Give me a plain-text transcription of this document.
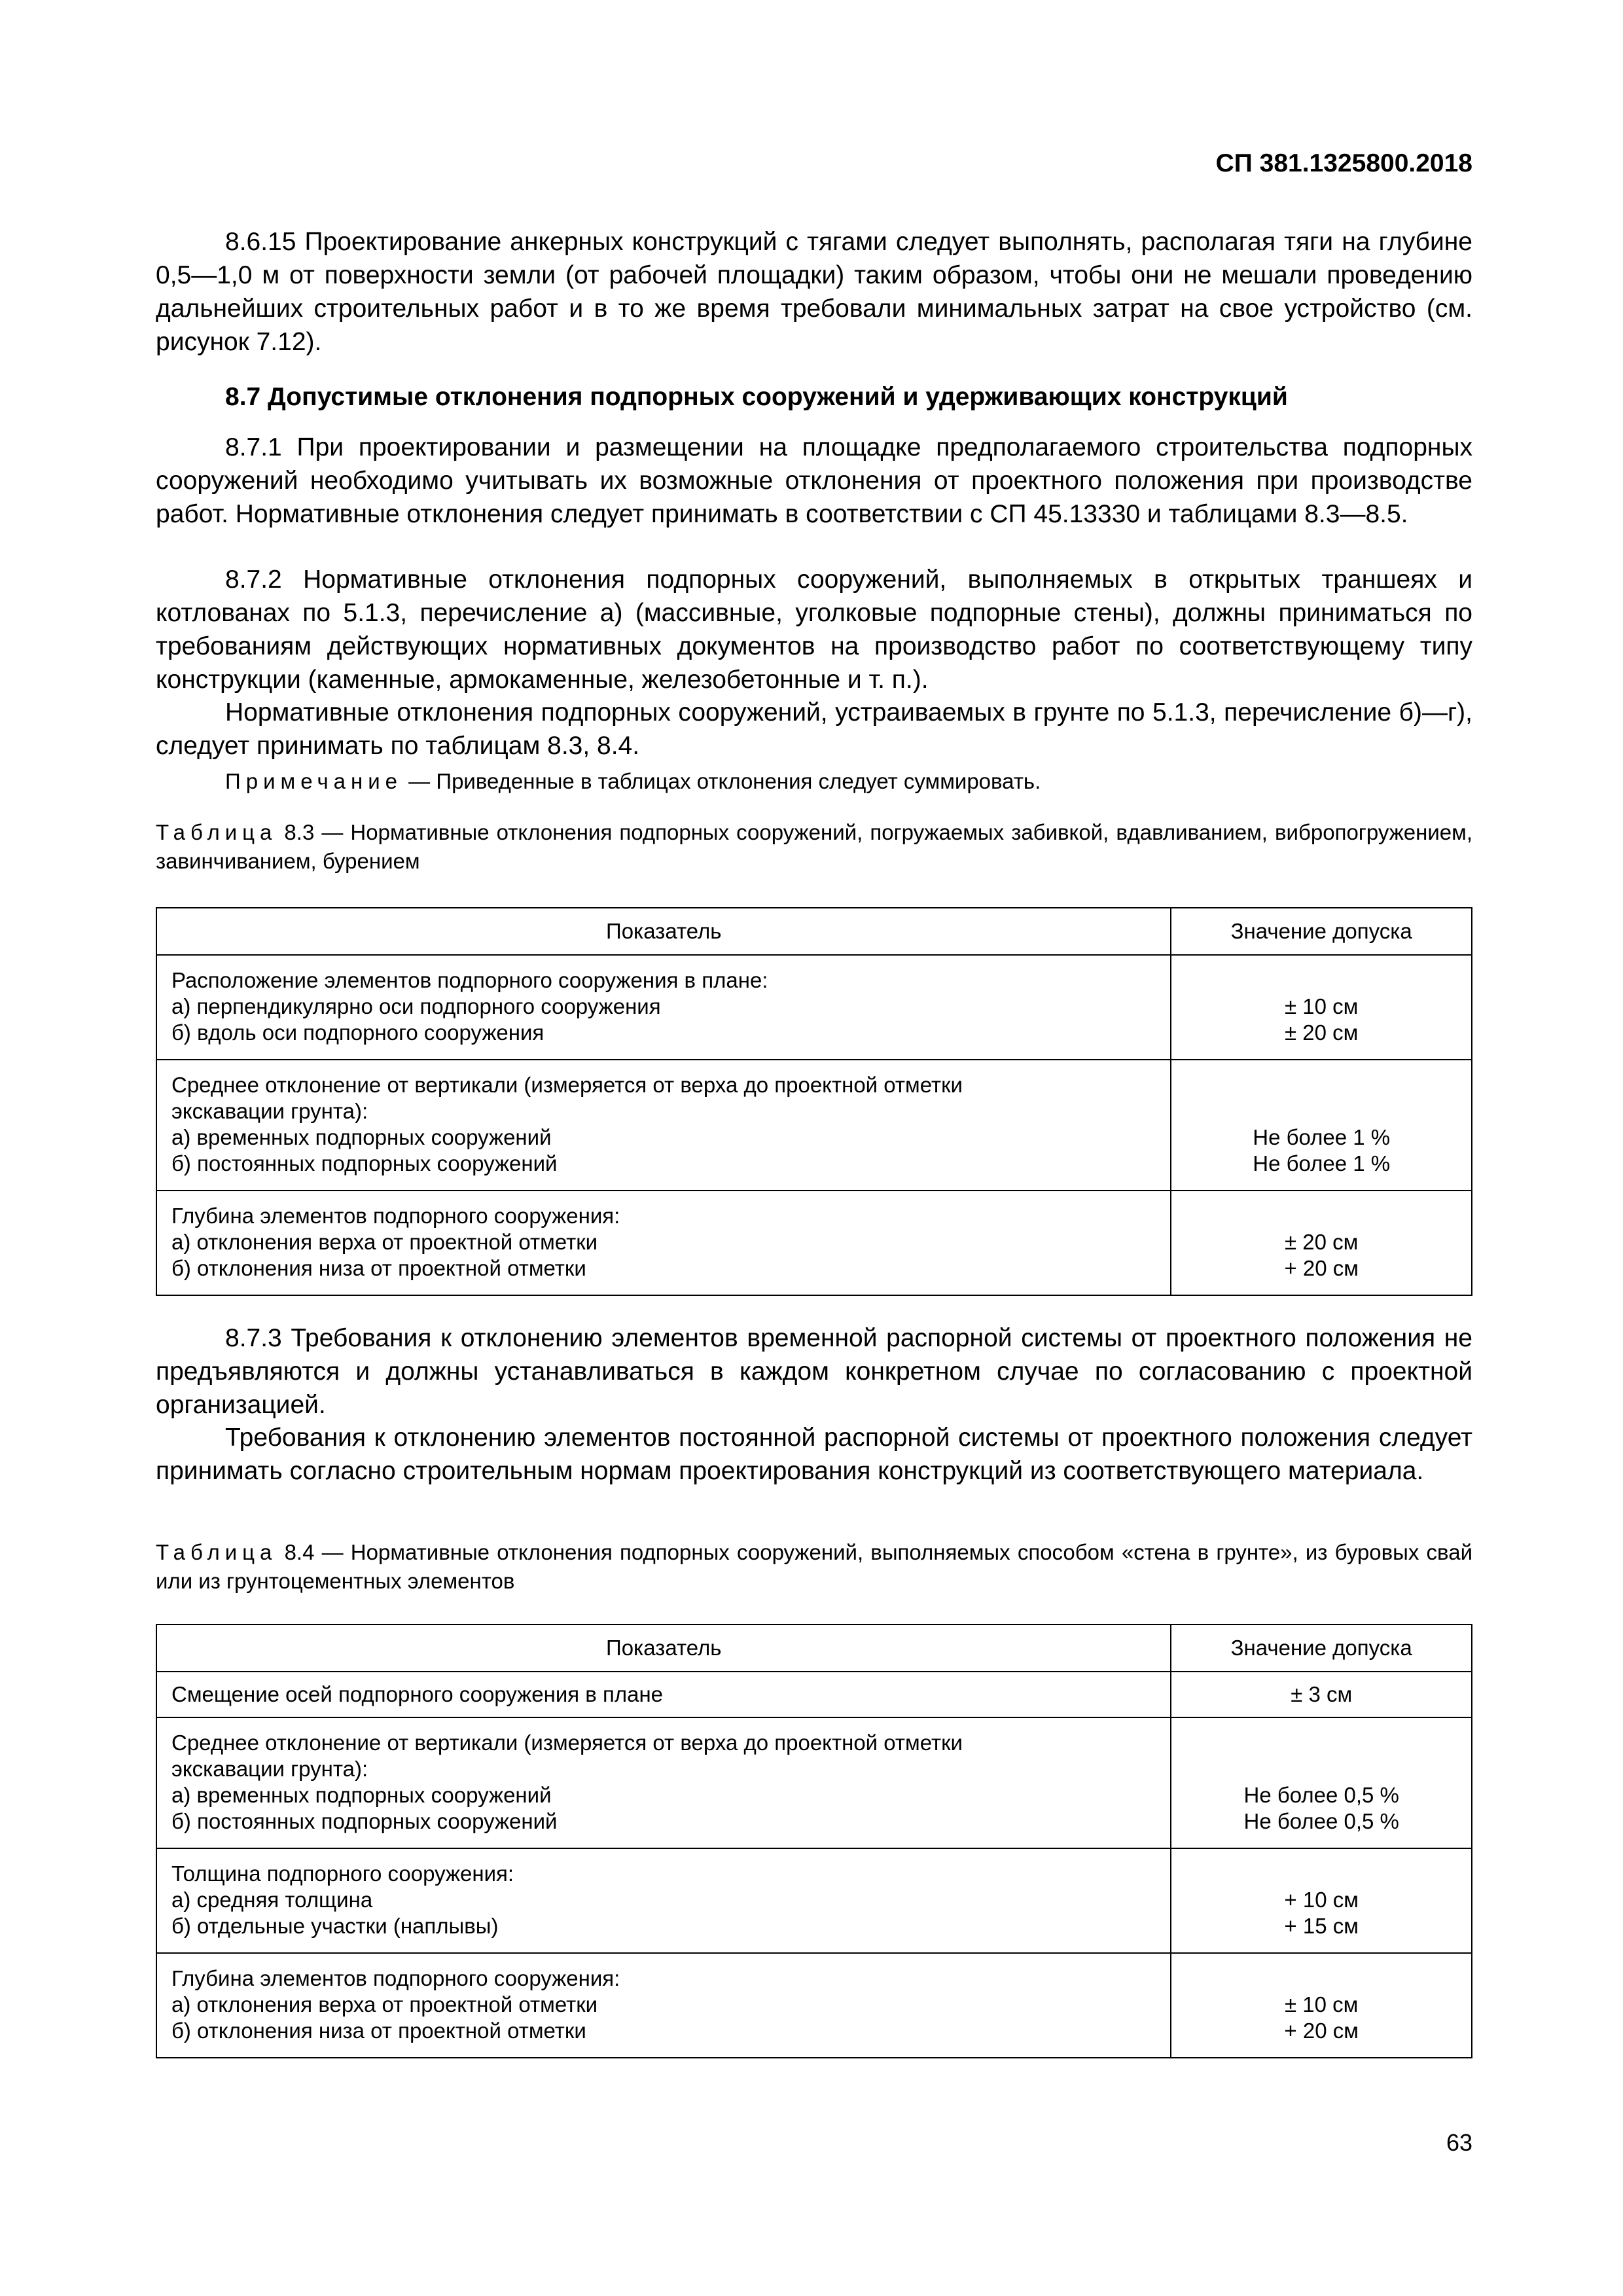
СП 381.1325800.2018

8.6.15 Проектирование анкерных конструкций с тягами следует выполнять, располагая тяги на глубине 0,5—1,0 м от поверхности земли (от рабочей площадки) таким образом, чтобы они не мешали проведению дальнейших строительных работ и в то же время требовали минимальных затрат на свое устройство (см. рисунок 7.12).

8.7 Допустимые отклонения подпорных сооружений и удерживающих конструкций

8.7.1 При проектировании и размещении на площадке предполагаемого строительства подпорных сооружений необходимо учитывать их возможные отклонения от проектного положения при производстве работ. Нормативные отклонения следует принимать в соответствии с СП 45.13330 и таблицами 8.3—8.5.

8.7.2 Нормативные отклонения подпорных сооружений, выполняемых в открытых траншеях и котлованах по 5.1.3, перечисление а) (массивные, уголковые подпорные стены), должны приниматься по требованиям действующих нормативных документов на производство работ по соответствующему типу конструкции (каменные, армокаменные, железобетонные и т. п.).

Нормативные отклонения подпорных сооружений, устраиваемых в грунте по 5.1.3, перечисление б)—г), следует принимать по таблицам 8.3, 8.4.

Примечание — Приведенные в таблицах отклонения следует суммировать.

Таблица 8.3 — Нормативные отклонения подпорных сооружений, погружаемых забивкой, вдавливанием, вибропогружением, завинчиванием, бурением

Показатель	Значение допуска

Расположение элементов подпорного сооружения в плане:
а) перпендикулярно оси подпорного сооружения
б) вдоль оси подпорного сооружения	± 10 см
± 20 см

Среднее отклонение от вертикали (измеряется от верха до проектной отметки
экскавации грунта):
а) временных подпорных сооружений
б) постоянных подпорных сооружений	Не более 1 %
Не более 1 %

Глубина элементов подпорного сооружения:
а) отклонения верха от проектной отметки
б) отклонения низа от проектной отметки	± 20 см
+ 20 см

8.7.3 Требования к отклонению элементов временной распорной системы от проектного положения не предъявляются и должны устанавливаться в каждом конкретном случае по согласованию с проектной организацией.

Требования к отклонению элементов постоянной распорной системы от проектного положения следует принимать согласно строительным нормам проектирования конструкций из соответствующего материала.

Таблица 8.4 — Нормативные отклонения подпорных сооружений, выполняемых способом «стена в грунте», из буровых свай или из грунтоцементных элементов

Показатель	Значение допуска

Смещение осей подпорного сооружения в плане	± 3 см

Среднее отклонение от вертикали (измеряется от верха до проектной отметки
экскавации грунта):
а) временных подпорных сооружений
б) постоянных подпорных сооружений	Не более 0,5 %
Не более 0,5 %

Толщина подпорного сооружения:
а) средняя толщина
б) отдельные участки (наплывы)	+ 10 см
+ 15 см

Глубина элементов подпорного сооружения:
а) отклонения верха от проектной отметки
б) отклонения низа от проектной отметки	± 10 см
+ 20 см
63
